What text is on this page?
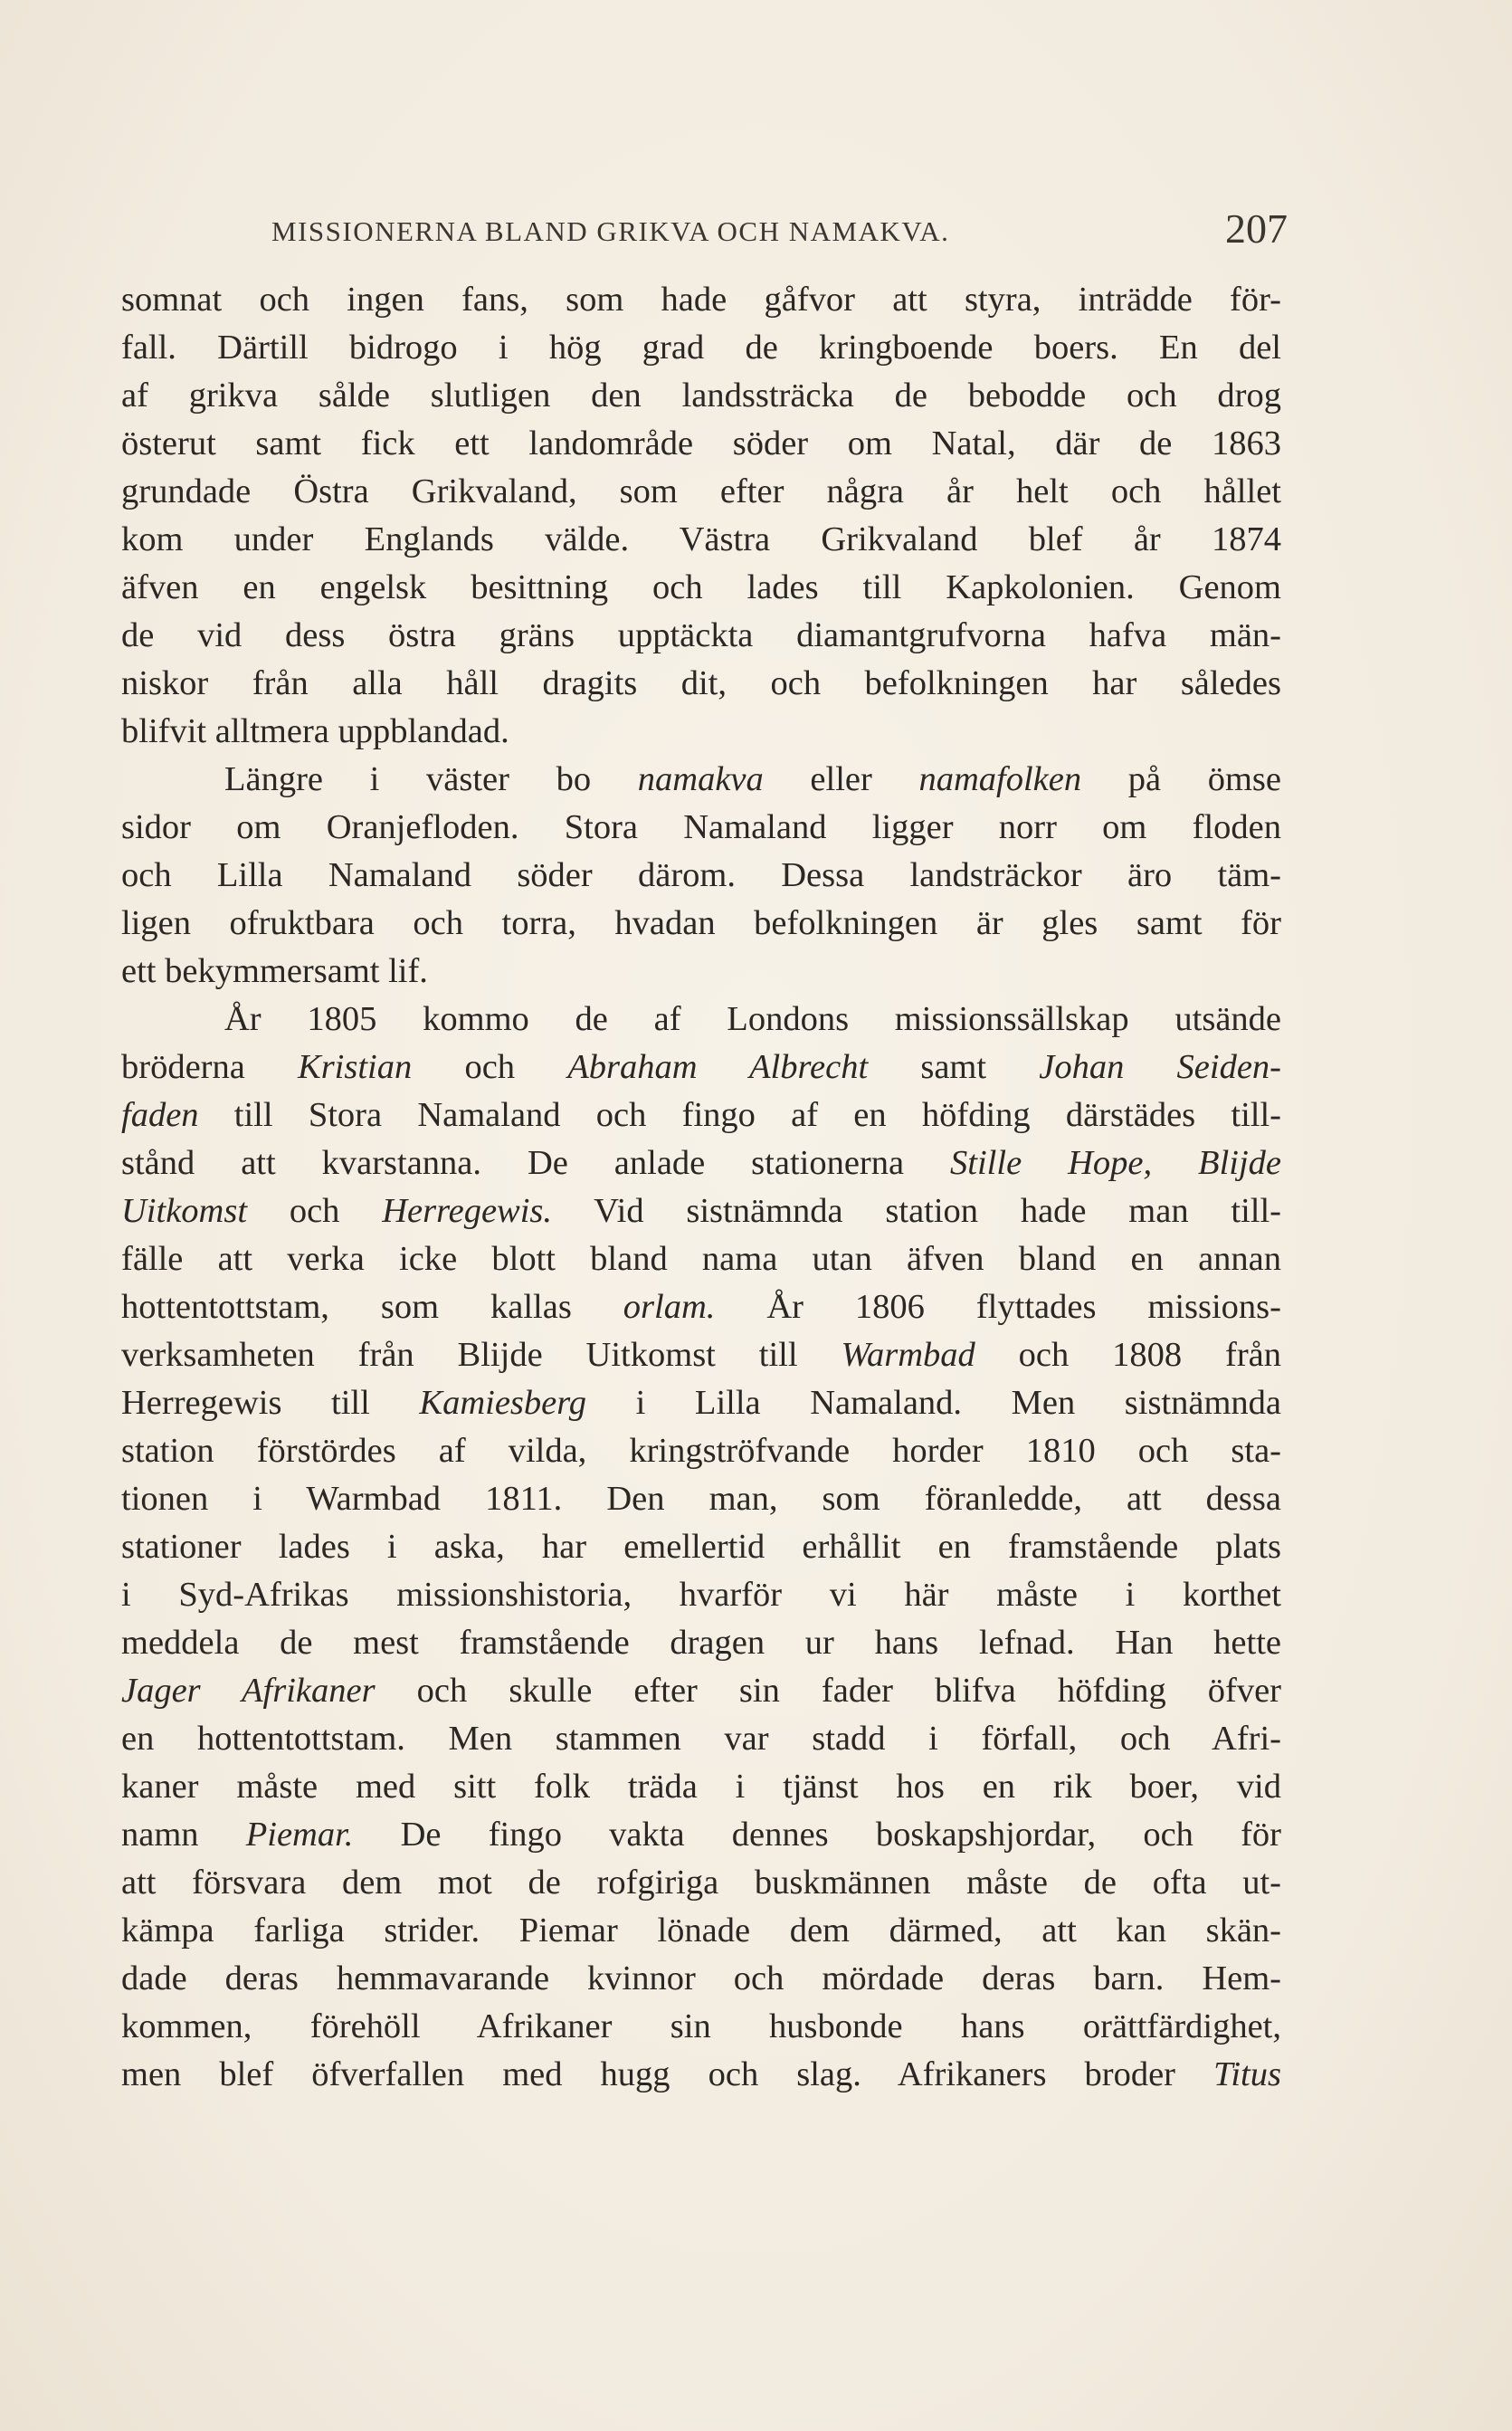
MISSIONERNA BLAND GRIKVA OCH NAMAKVA.	207
somnat och ingen fans, som hade gåfvor att styra, inträdde för-
fall. Därtill bidrogo i hög grad de kringboende boers. En del
af grikva sålde slutligen den landssträcka de bebodde och drog
österut samt fick ett landområde söder om Natal, där de 1863
grundade Östra Grikvaland, som efter några år helt och hållet
kom under Englands välde. Västra Grikvaland blef år 1874
äfven en engelsk besittning och lades till Kapkolonien. Genom
de vid dess östra gräns upptäckta diamantgrufvorna hafva män-
niskor från alla håll dragits dit, och befolkningen har således
blifvit alltmera uppblandad.
Längre i väster bo namakva eller namafolken på ömse
sidor om Oranjefloden. Stora Namaland ligger norr om floden
och Lilla Namaland söder därom. Dessa landsträckor äro täm-
ligen ofruktbara och torra, hvadan befolkningen är gles samt för
ett bekymmersamt lif.
År 1805 kommo de af Londons missionssällskap utsände
bröderna Kristian och Abraham Albrecht samt Johan Seiden-
faden till Stora Namaland och fingo af en höfding därstädes till-
stånd att kvarstanna. De anlade stationerna Stille Hope, Blijde
Uitkomst och Herregewis. Vid sistnämnda station hade man till-
fälle att verka icke blott bland nama utan äfven bland en annan
hottentottstam, som kallas orlam. År 1806 flyttades missions-
verksamheten från Blijde Uitkomst till Warmbad och 1808 från
Herregewis till Kamiesberg i Lilla Namaland. Men sistnämnda
station förstördes af vilda, kringströfvande horder 1810 och sta-
tionen i Warmbad 1811. Den man, som föranledde, att dessa
stationer lades i aska, har emellertid erhållit en framstående plats
i Syd-Afrikas missionshistoria, hvarför vi här måste i korthet
meddela de mest framstående dragen ur hans lefnad. Han hette
Jager Afrikaner och skulle efter sin fader blifva höfding öfver
en hottentottstam. Men stammen var stadd i förfall, och Afri-
kaner måste med sitt folk träda i tjänst hos en rik boer, vid
namn Piemar. De fingo vakta dennes boskapshjordar, och för
att försvara dem mot de rofgiriga buskmännen måste de ofta ut-
kämpa farliga strider. Piemar lönade dem därmed, att kan skän-
dade deras hemmavarande kvinnor och mördade deras barn. Hem-
kommen, förehöll Afrikaner sin husbonde hans orättfärdighet,
men blef öfverfallen med hugg och slag. Afrikaners broder Titus
